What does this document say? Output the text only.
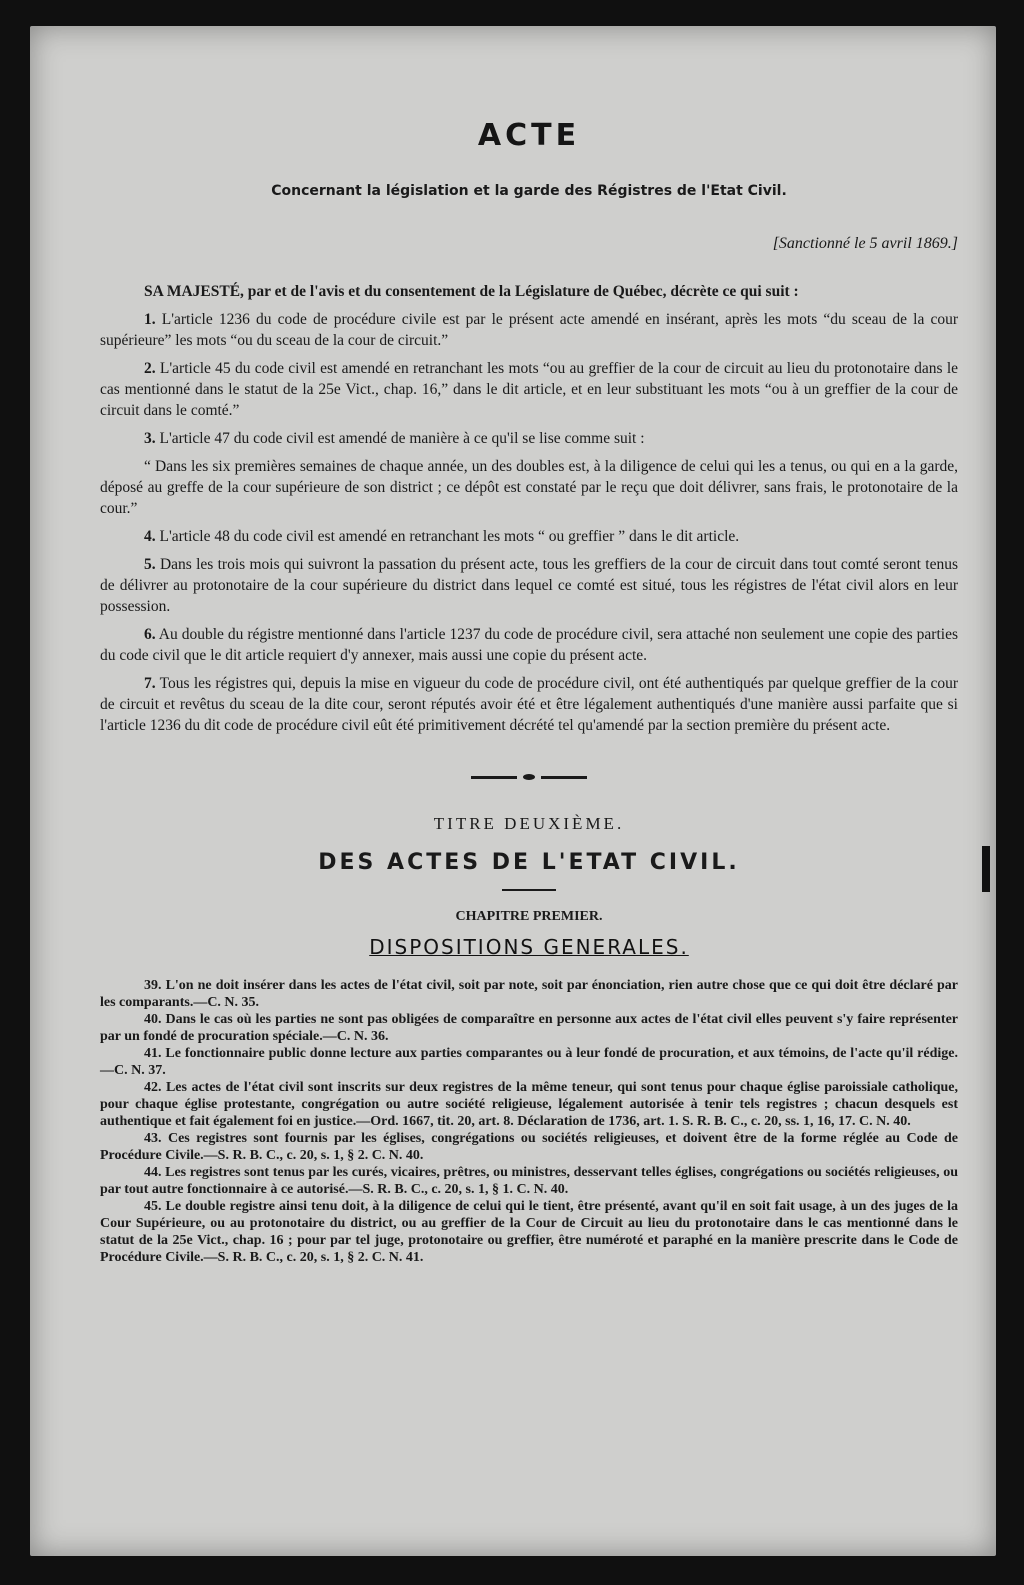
ACTE
Concernant la législation et la garde des Régistres de l'Etat Civil.
[Sanctionné le 5 avril 1869.]

SA MAJESTÉ, par et de l'avis et du consentement de la Législature de Québec, décrète ce qui suit :

1. L'article 1236 du code de procédure civile est par le présent acte amendé en insérant, après les mots “du sceau de la cour supérieure” les mots “ou du sceau de la cour de circuit.”

2. L'article 45 du code civil est amendé en retranchant les mots “ou au greffier de la cour de circuit au lieu du protonotaire dans le cas mentionné dans le statut de la 25e Vict., chap. 16,” dans le dit article, et en leur substituant les mots “ou à un greffier de la cour de circuit dans le comté.”

3. L'article 47 du code civil est amendé de manière à ce qu'il se lise comme suit :

“ Dans les six premières semaines de chaque année, un des doubles est, à la diligence de celui qui les a tenus, ou qui en a la garde, déposé au greffe de la cour supérieure de son district ; ce dépôt est constaté par le reçu que doit délivrer, sans frais, le protonotaire de la cour.”

4. L'article 48 du code civil est amendé en retranchant les mots “ ou greffier ” dans le dit article.

5. Dans les trois mois qui suivront la passation du présent acte, tous les greffiers de la cour de circuit dans tout comté seront tenus de délivrer au protonotaire de la cour supérieure du district dans lequel ce comté est situé, tous les régistres de l'état civil alors en leur possession.

6. Au double du régistre mentionné dans l'article 1237 du code de procédure civil, sera attaché non seulement une copie des parties du code civil que le dit article requiert d'y annexer, mais aussi une copie du présent acte.

7. Tous les régistres qui, depuis la mise en vigueur du code de procédure civil, ont été authentiqués par quelque greffier de la cour de circuit et revêtus du sceau de la dite cour, seront réputés avoir été et être légalement authentiqués d'une manière aussi parfaite que si l'article 1236 du dit code de procédure civil eût été primitivement décrété tel qu'amendé par la section première du présent acte.

TITRE DEUXIÈME.
DES ACTES DE L'ETAT CIVIL.
CHAPITRE PREMIER.
DISPOSITIONS GENERALES.

39. L'on ne doit insérer dans les actes de l'état civil, soit par note, soit par énonciation, rien autre chose que ce qui doit être déclaré par les comparants.—C. N. 35.

40. Dans le cas où les parties ne sont pas obligées de comparaître en personne aux actes de l'état civil elles peuvent s'y faire représenter par un fondé de procuration spéciale.—C. N. 36.

41. Le fonctionnaire public donne lecture aux parties comparantes ou à leur fondé de procuration, et aux témoins, de l'acte qu'il rédige.—C. N. 37.

42. Les actes de l'état civil sont inscrits sur deux registres de la même teneur, qui sont tenus pour chaque église paroissiale catholique, pour chaque église protestante, congrégation ou autre société religieuse, légalement autorisée à tenir tels registres ; chacun desquels est authentique et fait également foi en justice.—Ord. 1667, tit. 20, art. 8. Déclaration de 1736, art. 1. S. R. B. C., c. 20, ss. 1, 16, 17. C. N. 40.

43. Ces registres sont fournis par les églises, congrégations ou sociétés religieuses, et doivent être de la forme réglée au Code de Procédure Civile.—S. R. B. C., c. 20, s. 1, § 2. C. N. 40.

44. Les registres sont tenus par les curés, vicaires, prêtres, ou ministres, desservant telles églises, congrégations ou sociétés religieuses, ou par tout autre fonctionnaire à ce autorisé.—S. R. B. C., c. 20, s. 1, § 1. C. N. 40.

45. Le double registre ainsi tenu doit, à la diligence de celui qui le tient, être présenté, avant qu'il en soit fait usage, à un des juges de la Cour Supérieure, ou au protonotaire du district, ou au greffier de la Cour de Circuit au lieu du protonotaire dans le cas mentionné dans le statut de la 25e Vict., chap. 16 ; pour par tel juge, protonotaire ou greffier, être numéroté et paraphé en la manière prescrite dans le Code de Procédure Civile.—S. R. B. C., c. 20, s. 1, § 2. C. N. 41.
